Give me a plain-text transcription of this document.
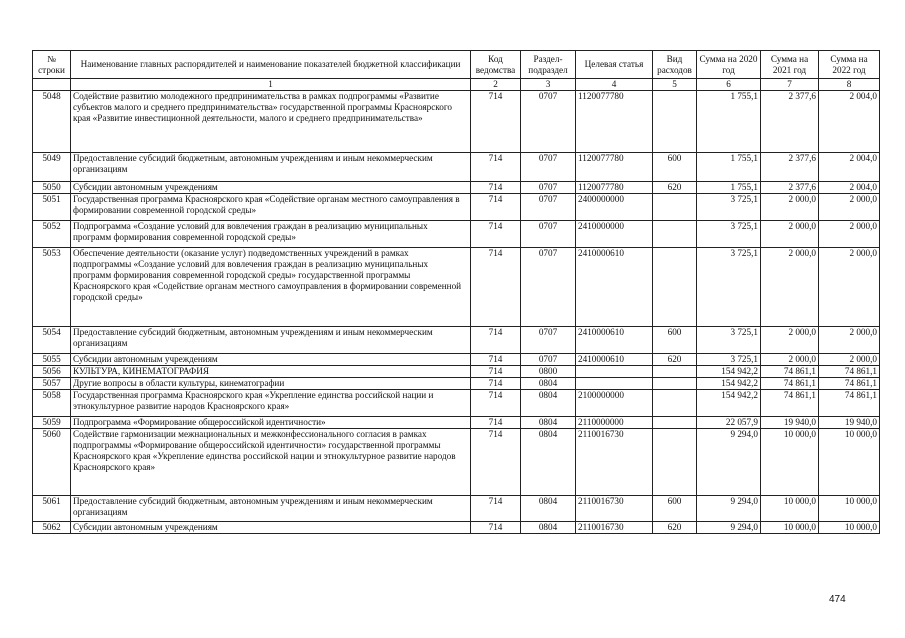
№ строки	Наименование главных распорядителей и наименование показателей бюджетной классификации	Код ведомства	Раздел-подраздел	Целевая статья	Вид расходов	Сумма на 2020 год	Сумма на 2021 год	Сумма на 2022 год
	1	2	3	4	5	6	7	8
5048	Содействие развитию молодежного предпринимательства в рамках подпрограммы «Развитие субъектов малого и среднего предпринимательства» государственной программы Красноярского края «Развитие инвестиционной деятельности, малого и среднего предпринимательства»	714	0707	1120077780		1 755,1	2 377,6	2 004,0
5049	Предоставление субсидий бюджетным, автономным учреждениям и иным некоммерческим организациям	714	0707	1120077780	600	1 755,1	2 377,6	2 004,0
5050	Субсидии автономным учреждениям	714	0707	1120077780	620	1 755,1	2 377,6	2 004,0
5051	Государственная программа Красноярского края «Содействие органам местного самоуправления в формировании современной городской среды»	714	0707	2400000000		3 725,1	2 000,0	2 000,0
5052	Подпрограмма «Создание условий для вовлечения граждан в реализацию муниципальных программ формирования современной городской среды»	714	0707	2410000000		3 725,1	2 000,0	2 000,0
5053	Обеспечение деятельности (оказание услуг) подведомственных учреждений в рамках подпрограммы «Создание условий для вовлечения граждан в реализацию муниципальных программ формирования современной городской среды» государственной программы Красноярского края «Содействие органам местного самоуправления в формировании современной городской среды»	714	0707	2410000610		3 725,1	2 000,0	2 000,0
5054	Предоставление субсидий бюджетным, автономным учреждениям и иным некоммерческим организациям	714	0707	2410000610	600	3 725,1	2 000,0	2 000,0
5055	Субсидии автономным учреждениям	714	0707	2410000610	620	3 725,1	2 000,0	2 000,0
5056	КУЛЬТУРА, КИНЕМАТОГРАФИЯ	714	0800			154 942,2	74 861,1	74 861,1
5057	Другие вопросы в области культуры, кинематографии	714	0804			154 942,2	74 861,1	74 861,1
5058	Государственная программа Красноярского края «Укрепление единства российской нации и этнокультурное развитие народов Красноярского края»	714	0804	2100000000		154 942,2	74 861,1	74 861,1
5059	Подпрограмма «Формирование общероссийской идентичности»	714	0804	2110000000		22 057,9	19 940,0	19 940,0
5060	Содействие гармонизации межнациональных и межконфессионального согласия в рамках подпрограммы «Формирование общероссийской идентичности» государственной программы Красноярского края «Укрепление единства российской нации и этнокультурное развитие народов Красноярского края»	714	0804	2110016730		9 294,0	10 000,0	10 000,0
5061	Предоставление субсидий бюджетным, автономным учреждениям и иным некоммерческим организациям	714	0804	2110016730	600	9 294,0	10 000,0	10 000,0
5062	Субсидии автономным учреждениям	714	0804	2110016730	620	9 294,0	10 000,0	10 000,0
474
